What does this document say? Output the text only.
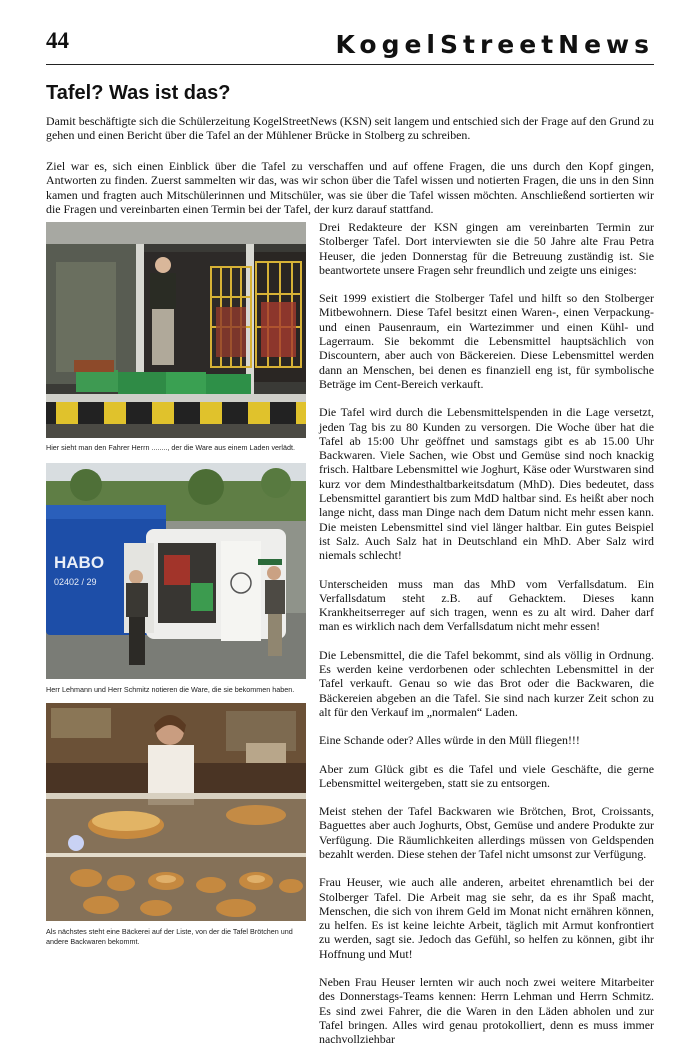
44	KogelStreetNews
Tafel? Was ist das?

Damit beschäftigte sich die Schülerzeitung KogelStreetNews (KSN) seit langem und entschied sich der Frage auf den Grund zu gehen und einen Bericht über die Tafel an der Mühlener Brücke in Stolberg zu schreiben.

Ziel war es, sich einen Einblick über die Tafel zu verschaffen und auf offene Fragen, die uns durch den Kopf gingen, Antworten zu finden. Zuerst sammelten wir das, was wir schon über die Tafel wissen und notierten Fragen, die uns in den Sinn kamen und fragten auch Mitschülerinnen und Mitschüler, was sie über die Tafel wissen möchten. Anschließend sortierten wir die Fragen und vereinbarten einen Termin bei der Tafel, der kurz darauf stattfand.

Hier sieht man den Fahrer Herrn ........, der die Ware aus einem Laden verlädt.
HABO
02402 / 29
Herr Lehmann und Herr Schmitz notieren die Ware, die sie bekommen haben.
Als nächstes steht eine Bäckerei auf der Liste, von der die Tafel Brötchen und andere Backwaren bekommt.

Drei Redakteure der KSN gingen am vereinbarten Termin zur Stolberger Tafel. Dort interviewten sie die 50 Jahre alte Frau Petra Heuser, die jeden Donnerstag für die Betreuung zuständig ist. Sie beantwortete unsere Fragen sehr freundlich und zeigte uns einiges:

Seit 1999 existiert die Stolberger Tafel und hilft so den Stolberger Mitbewohnern. Diese Tafel besitzt einen Waren-, einen Verpackung- und einen Pausenraum, ein Wartezimmer und einen Kühl- und Lagerraum. Sie bekommt die Lebensmittel hauptsächlich von Discountern, aber auch von Bäckereien. Diese Lebensmittel werden dann an Menschen, bei denen es finanziell eng ist, für symbolische Beträge im Cent-Bereich verkauft.

Die Tafel wird durch die Lebensmittelspenden in die Lage versetzt, jeden Tag bis zu 80 Kunden zu versorgen. Die Woche über hat die Tafel ab 15:00 Uhr geöffnet und samstags gibt es ab 15.00 Uhr Backwaren. Viele Sachen, wie Obst und Gemüse sind noch knackig frisch. Haltbare Lebensmittel wie Joghurt, Käse oder Wurstwaren sind kurz vor dem Mindesthaltbarkeitsdatum (MhD). Dies bedeutet, dass Lebensmittel garantiert bis zum MdD haltbar sind. Es heißt aber noch lange nicht, dass man Dinge nach dem Datum nicht mehr essen kann. Die meisten Lebensmittel sind viel länger haltbar. Ein gutes Beispiel ist Salz. Auch Salz hat in Deutschland ein MhD. Aber Salz wird niemals schlecht!

Unterscheiden muss man das MhD vom Verfallsdatum. Ein Verfallsdatum steht z.B. auf Gehacktem. Dieses kann Krankheitserreger auf sich tragen, wenn es zu alt wird. Daher darf man es wirklich nach dem Verfallsdatum nicht mehr essen!

Die Lebensmittel, die die Tafel bekommt, sind als völlig in Ordnung. Es werden keine verdorbenen oder schlechten Lebensmittel in der Tafel verkauft. Genau so wie das Brot oder die Backwaren, die Bäckereien abgeben an die Tafel. Sie sind nach kurzer Zeit schon zu alt für den Verkauf im „normalen“ Laden.

Eine Schande oder? Alles würde in den Müll fliegen!!!

Aber zum Glück gibt es die Tafel und viele Geschäfte, die gerne Lebensmittel weitergeben, statt sie zu entsorgen.

Meist stehen der Tafel Backwaren wie Brötchen, Brot, Croissants, Baguettes aber auch Joghurts, Obst, Gemüse und andere Produkte zur Verfügung. Die Räumlichkeiten allerdings müssen von Geldspenden bezahlt werden. Diese stehen der Tafel nicht umsonst zur Verfügung.

Frau Heuser, wie auch alle anderen, arbeitet ehrenamtlich bei der Stolberger Tafel. Die Arbeit mag sie sehr, da es ihr Spaß macht, Menschen, die sich von ihrem Geld im Monat nicht ernähren können, zu helfen. Es ist keine leichte Arbeit, täglich mit Armut konfrontiert zu werden, sagt sie. Jedoch das Gefühl, so helfen zu können, gibt ihr Hoffnung und Mut!

Neben Frau Heuser lernten wir auch noch zwei weitere Mitarbeiter des Donnerstags-Teams kennen: Herrn Lehman und Herrn Schmitz. Es sind zwei Fahrer, die die Waren in den Läden abholen und zur Tafel bringen. Alles wird genau protokolliert, denn es muss immer nachvollziehbar
